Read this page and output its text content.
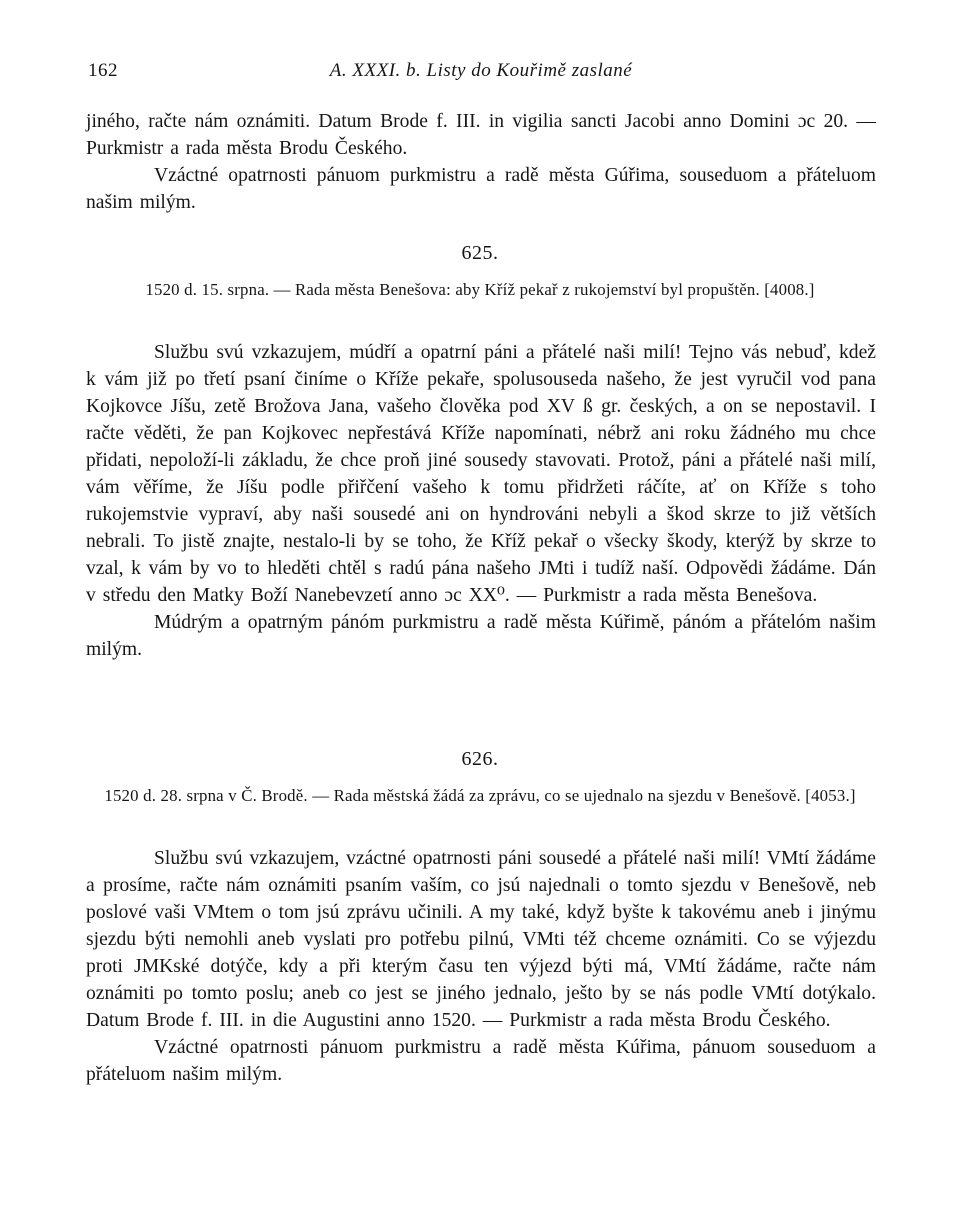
162	A. XXXI. b. Listy do Kouřimě zaslané

jiného, račte nám oznámiti. Datum Brode f. III. in vigilia sancti Jacobi anno Domini ɔc 20. — Purkmistr a rada města Brodu Českého.

Vzáctné opatrnosti pánuom purkmistru a radě města Gúřima, souseduom a přáteluom našim milým.

625.
1520 d. 15. srpna. — Rada města Benešova: aby Kříž pekař z rukojemství byl propuštěn. [4008.]

Službu svú vzkazujem, múdří a opatrní páni a přátelé naši milí! Tejno vás nebuď, kdež k vám již po třetí psaní činíme o Kříže pekaře, spolusouseda našeho, že jest vyručil vod pana Kojkovce Jíšu, zetě Brožova Jana, vašeho člověka pod XV ß gr. českých, a on se nepostavil. I račte věděti, že pan Kojkovec nepřestává Kříže napomínati, nébrž ani roku žádného mu chce přidati, nepoloží-li základu, že chce proň jiné sousedy stavovati. Protož, páni a přátelé naši milí, vám věříme, že Jíšu podle přiřčení vašeho k tomu přidržeti ráčíte, ať on Kříže s toho rukojemstvie vypraví, aby naši sousedé ani on hyndrováni nebyli a škod skrze to již větších nebrali. To jistě znajte, nestalo-li by se toho, že Kříž pekař o všecky škody, kterýž by skrze to vzal, k vám by vo to hleděti chtěl s radú pána našeho JMti i tudíž naší. Odpovědi žádáme. Dán v středu den Matky Boží Nanebevzetí anno ɔc XX⁰. — Purkmistr a rada města Benešova.

Múdrým a opatrným pánóm purkmistru a radě města Kúřimě, pánóm a přátelóm našim milým.

626.
1520 d. 28. srpna v Č. Brodě. — Rada městská žádá za zprávu, co se ujednalo na sjezdu v Benešově. [4053.]

Službu svú vzkazujem, vzáctné opatrnosti páni sousedé a přátelé naši milí! VMtí žádáme a prosíme, račte nám oznámiti psaním vaším, co jsú najednali o tomto sjezdu v Benešově, neb poslové vaši VMtem o tom jsú zprávu učinili. A my také, když byšte k takovému aneb i jinýmu sjezdu býti nemohli aneb vyslati pro potřebu pilnú, VMti též chceme oznámiti. Co se výjezdu proti JMKské dotýče, kdy a při kterým času ten výjezd býti má, VMtí žádáme, račte nám oznámiti po tomto poslu; aneb co jest se jiného jednalo, ješto by se nás podle VMtí dotýkalo. Datum Brode f. III. in die Augustini anno 1520. — Purkmistr a rada města Brodu Českého.

Vzáctné opatrnosti pánuom purkmistru a radě města Kúřima, pánuom souseduom a přáteluom našim milým.
